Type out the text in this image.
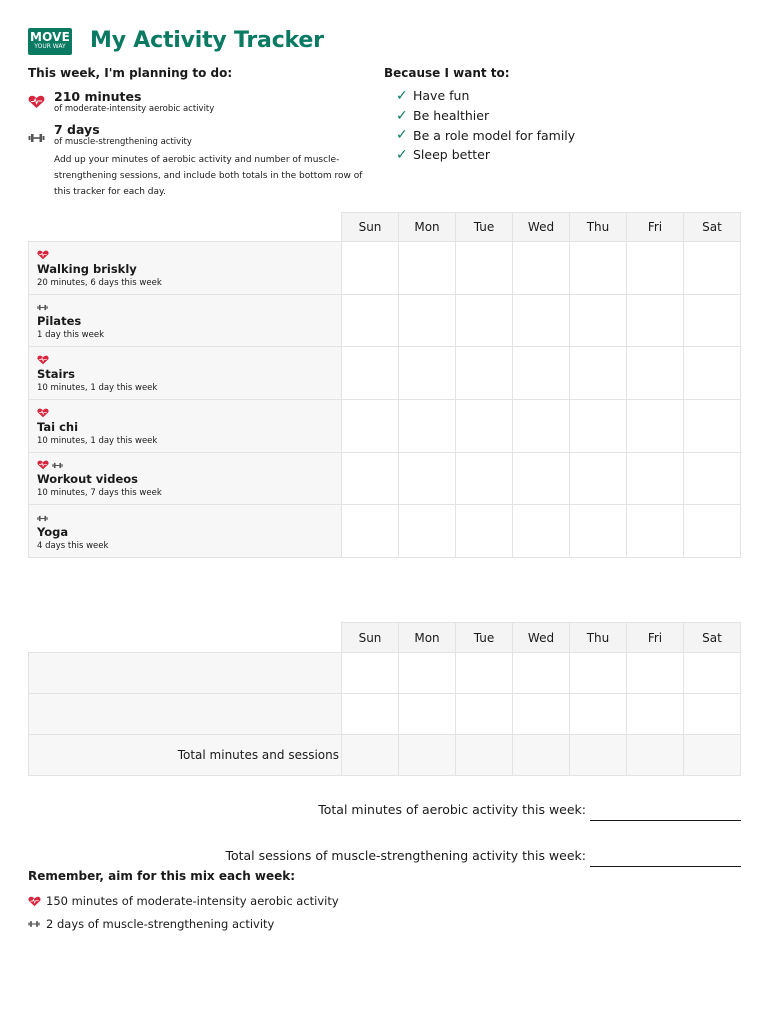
MOVE
YOUR WAY My Activity Tracker
This week, I'm planning to do:
210 minutes
of moderate-intensity aerobic activity
7 days
of muscle-strengthening activity
Add up your minutes of aerobic activity and number of muscle-strengthening sessions, and include both totals in the bottom row of this tracker for each day.
Because I want to:
✓ Have fun
✓ Be healthier
✓ Be a role model for family
✓ Sleep better
	Sun	Mon	Tue	Wed	Thu	Fri	Sat

Walking briskly
20 minutes, 6 days this week							

Pilates
1 day this week							

Stairs
10 minutes, 1 day this week							

Tai chi
10 minutes, 1 day this week							

Workout videos
10 minutes, 7 days this week							

Yoga
4 days this week							

	Sun	Mon	Tue	Wed	Thu	Fri	Sat

Total minutes and sessions							
Total minutes of aerobic activity this week:
Total sessions of muscle-strengthening activity this week:
Remember, aim for this mix each week:
150 minutes of moderate-intensity aerobic activity
2 days of muscle-strengthening activity
